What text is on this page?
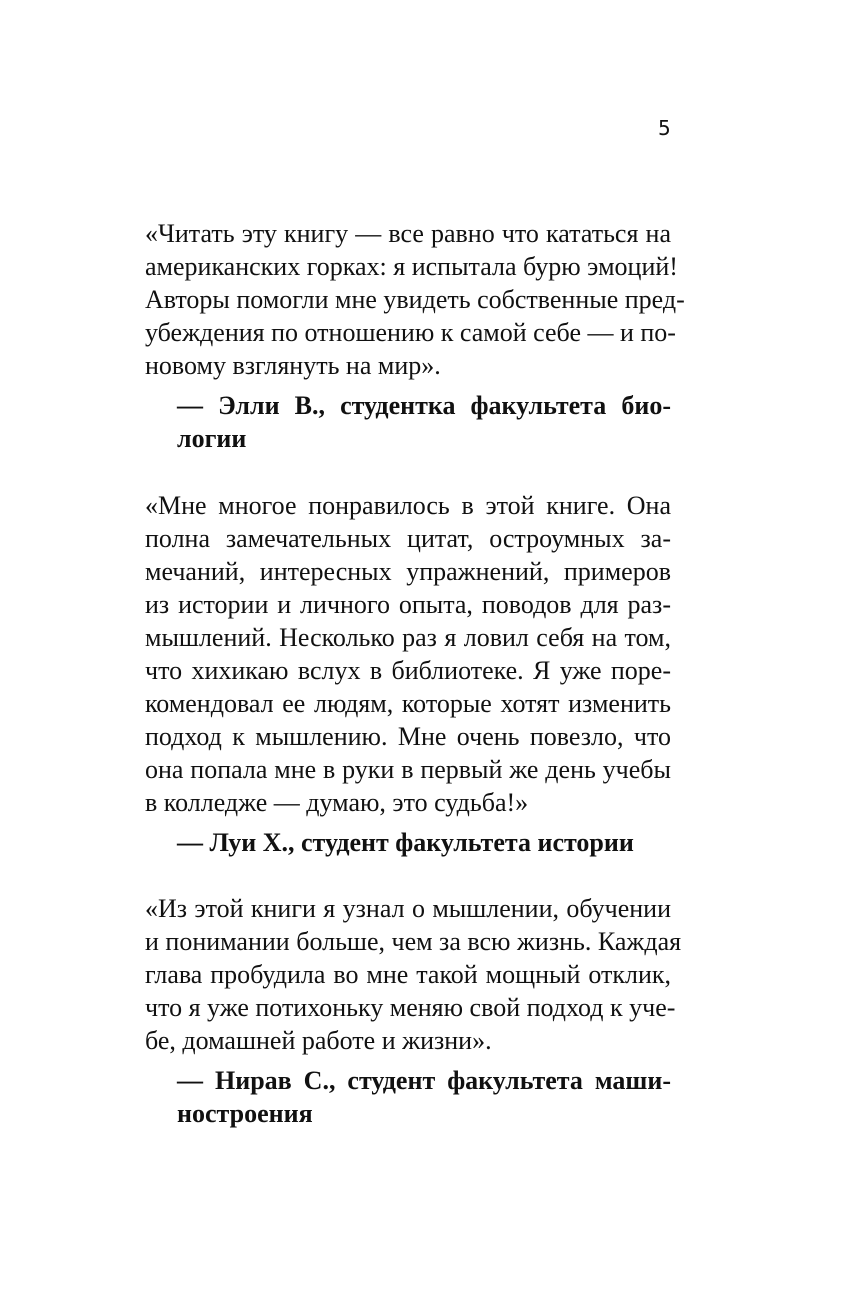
5
«Читать эту книгу — все равно что кататься на
американских горках: я испытала бурю эмоций!
Авторы помогли мне увидеть собственные пред-
убеждения по отношению к самой себе — и по-
новому взглянуть на мир».
— Элли В., студентка факультета био-
логии
«Мне многое понравилось в этой книге. Она
полна замечательных цитат, остроумных за-
мечаний, интересных упражнений, примеров
из истории и личного опыта, поводов для раз-
мышлений. Несколько раз я ловил себя на том,
что хихикаю вслух в библиотеке. Я уже поре-
комендовал ее людям, которые хотят изменить
подход к мышлению. Мне очень повезло, что
она попала мне в руки в первый же день учебы
в колледже — думаю, это судьба!»
— Луи Х., студент факультета истории
«Из этой книги я узнал о мышлении, обучении
и понимании больше, чем за всю жизнь. Каждая
глава пробудила во мне такой мощный отклик,
что я уже потихоньку меняю свой подход к уче-
бе, домашней работе и жизни».
— Нирав С., студент факультета маши-
ностроения
